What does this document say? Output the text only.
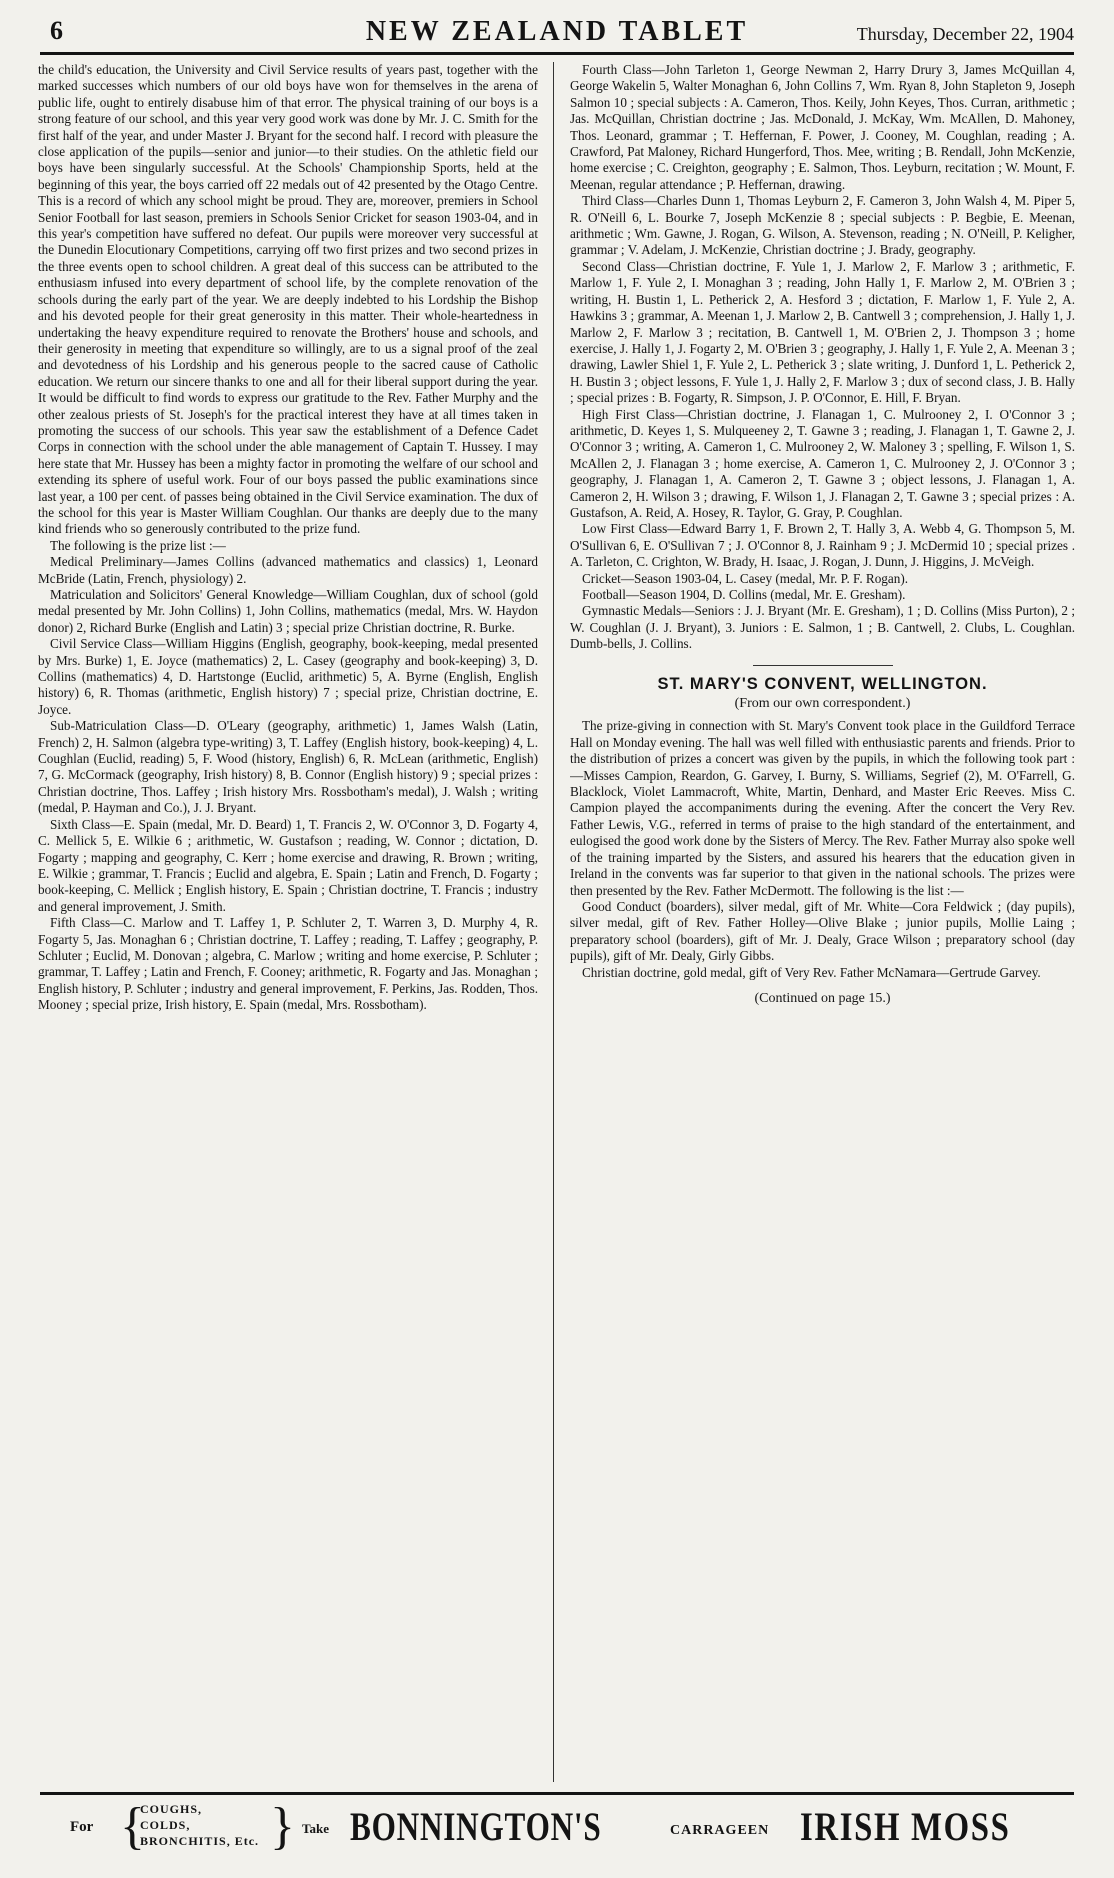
6	NEW ZEALAND TABLET	Thursday, December 22, 1904

the child's education, the University and Civil Service results of years past, together with the marked successes which numbers of our old boys have won for themselves in the arena of public life, ought to entirely disabuse him of that error. The physical training of our boys is a strong feature of our school, and this year very good work was done by Mr. J. C. Smith for the first half of the year, and under Master J. Bryant for the second half. I record with pleasure the close application of the pupils—senior and junior—to their studies. On the athletic field our boys have been singularly successful. At the Schools' Championship Sports, held at the beginning of this year, the boys carried off 22 medals out of 42 presented by the Otago Centre. This is a record of which any school might be proud. They are, moreover, premiers in School Senior Football for last season, premiers in Schools Senior Cricket for season 1903-04, and in this year's competition have suffered no defeat. Our pupils were moreover very successful at the Dunedin Elocutionary Competitions, carrying off two first prizes and two second prizes in the three events open to school children. A great deal of this success can be attributed to the enthusiasm infused into every department of school life, by the complete renovation of the schools during the early part of the year. We are deeply indebted to his Lordship the Bishop and his devoted people for their great generosity in this matter. Their whole-heartedness in undertaking the heavy expenditure required to renovate the Brothers' house and schools, and their generosity in meeting that expenditure so willingly, are to us a signal proof of the zeal and devotedness of his Lordship and his generous people to the sacred cause of Catholic education. We return our sincere thanks to one and all for their liberal support during the year. It would be difficult to find words to express our gratitude to the Rev. Father Murphy and the other zealous priests of St. Joseph's for the practical interest they have at all times taken in promoting the success of our schools. This year saw the establishment of a Defence Cadet Corps in connection with the school under the able management of Captain T. Hussey. I may here state that Mr. Hussey has been a mighty factor in promoting the welfare of our school and extending its sphere of useful work. Four of our boys passed the public examinations since last year, a 100 per cent. of passes being obtained in the Civil Service examination. The dux of the school for this year is Master William Coughlan. Our thanks are deeply due to the many kind friends who so generously contributed to the prize fund.

The following is the prize list :—

Medical Preliminary—James Collins (advanced mathematics and classics) 1, Leonard McBride (Latin, French, physiology) 2.

Matriculation and Solicitors' General Knowledge—William Coughlan, dux of school (gold medal presented by Mr. John Collins) 1, John Collins, mathematics (medal, Mrs. W. Haydon donor) 2, Richard Burke (English and Latin) 3 ; special prize Christian doctrine, R. Burke.

Civil Service Class—William Higgins (English, geography, book-keeping, medal presented by Mrs. Burke) 1, E. Joyce (mathematics) 2, L. Casey (geography and book-keeping) 3, D. Collins (mathematics) 4, D. Hartstonge (Euclid, arithmetic) 5, A. Byrne (English, English history) 6, R. Thomas (arithmetic, English history) 7 ; special prize, Christian doctrine, E. Joyce.

Sub-Matriculation Class—D. O'Leary (geography, arithmetic) 1, James Walsh (Latin, French) 2, H. Salmon (algebra type-writing) 3, T. Laffey (English history, book-keeping) 4, L. Coughlan (Euclid, reading) 5, F. Wood (history, English) 6, R. McLean (arithmetic, English) 7, G. McCormack (geography, Irish history) 8, B. Connor (English history) 9 ; special prizes : Christian doctrine, Thos. Laffey ; Irish history Mrs. Rossbotham's medal), J. Walsh ; writing (medal, P. Hayman and Co.), J. J. Bryant.

Sixth Class—E. Spain (medal, Mr. D. Beard) 1, T. Francis 2, W. O'Connor 3, D. Fogarty 4, C. Mellick 5, E. Wilkie 6 ; arithmetic, W. Gustafson ; reading, W. Connor ; dictation, D. Fogarty ; mapping and geography, C. Kerr ; home exercise and drawing, R. Brown ; writing, E. Wilkie ; grammar, T. Francis ; Euclid and algebra, E. Spain ; Latin and French, D. Fogarty ; book-keeping, C. Mellick ; English history, E. Spain ; Christian doctrine, T. Francis ; industry and general improvement, J. Smith.

Fifth Class—C. Marlow and T. Laffey 1, P. Schluter 2, T. Warren 3, D. Murphy 4, R. Fogarty 5, Jas. Monaghan 6 ; Christian doctrine, T. Laffey ; reading, T. Laffey ; geography, P. Schluter ; Euclid, M. Donovan ; algebra, C. Marlow ; writing and home exercise, P. Schluter ; grammar, T. Laffey ; Latin and French, F. Cooney; arithmetic, R. Fogarty and Jas. Monaghan ; English history, P. Schluter ; industry and general improvement, F. Perkins, Jas. Rodden, Thos. Mooney ; special prize, Irish history, E. Spain (medal, Mrs. Rossbotham).

Fourth Class—John Tarleton 1, George Newman 2, Harry Drury 3, James McQuillan 4, George Wakelin 5, Walter Monaghan 6, John Collins 7, Wm. Ryan 8, John Stapleton 9, Joseph Salmon 10 ; special subjects : A. Cameron, Thos. Keily, John Keyes, Thos. Curran, arithmetic ; Jas. McQuillan, Christian doctrine ; Jas. McDonald, J. McKay, Wm. McAllen, D. Mahoney, Thos. Leonard, grammar ; T. Heffernan, F. Power, J. Cooney, M. Coughlan, reading ; A. Crawford, Pat Maloney, Richard Hungerford, Thos. Mee, writing ; B. Rendall, John McKenzie, home exercise ; C. Creighton, geography ; E. Salmon, Thos. Leyburn, recitation ; W. Mount, F. Meenan, regular attendance ; P. Heffernan, drawing.

Third Class—Charles Dunn 1, Thomas Leyburn 2, F. Cameron 3, John Walsh 4, M. Piper 5, R. O'Neill 6, L. Bourke 7, Joseph McKenzie 8 ; special subjects : P. Begbie, E. Meenan, arithmetic ; Wm. Gawne, J. Rogan, G. Wilson, A. Stevenson, reading ; N. O'Neill, P. Keligher, grammar ; V. Adelam, J. McKenzie, Christian doctrine ; J. Brady, geography.

Second Class—Christian doctrine, F. Yule 1, J. Marlow 2, F. Marlow 3 ; arithmetic, F. Marlow 1, F. Yule 2, I. Monaghan 3 ; reading, John Hally 1, F. Marlow 2, M. O'Brien 3 ; writing, H. Bustin 1, L. Petherick 2, A. Hesford 3 ; dictation, F. Marlow 1, F. Yule 2, A. Hawkins 3 ; grammar, A. Meenan 1, J. Marlow 2, B. Cantwell 3 ; comprehension, J. Hally 1, J. Marlow 2, F. Marlow 3 ; recitation, B. Cantwell 1, M. O'Brien 2, J. Thompson 3 ; home exercise, J. Hally 1, J. Fogarty 2, M. O'Brien 3 ; geography, J. Hally 1, F. Yule 2, A. Meenan 3 ; drawing, Lawler Shiel 1, F. Yule 2, L. Petherick 3 ; slate writing, J. Dunford 1, L. Petherick 2, H. Bustin 3 ; object lessons, F. Yule 1, J. Hally 2, F. Marlow 3 ; dux of second class, J. B. Hally ; special prizes : B. Fogarty, R. Simpson, J. P. O'Connor, E. Hill, F. Bryan.

High First Class—Christian doctrine, J. Flanagan 1, C. Mulrooney 2, I. O'Connor 3 ; arithmetic, D. Keyes 1, S. Mulqueeney 2, T. Gawne 3 ; reading, J. Flanagan 1, T. Gawne 2, J. O'Connor 3 ; writing, A. Cameron 1, C. Mulrooney 2, W. Maloney 3 ; spelling, F. Wilson 1, S. McAllen 2, J. Flanagan 3 ; home exercise, A. Cameron 1, C. Mulrooney 2, J. O'Connor 3 ; geography, J. Flanagan 1, A. Cameron 2, T. Gawne 3 ; object lessons, J. Flanagan 1, A. Cameron 2, H. Wilson 3 ; drawing, F. Wilson 1, J. Flanagan 2, T. Gawne 3 ; special prizes : A. Gustafson, A. Reid, A. Hosey, R. Taylor, G. Gray, P. Coughlan.

Low First Class—Edward Barry 1, F. Brown 2, T. Hally 3, A. Webb 4, G. Thompson 5, M. O'Sullivan 6, E. O'Sullivan 7 ; J. O'Connor 8, J. Rainham 9 ; J. McDermid 10 ; special prizes . A. Tarleton, C. Crighton, W. Brady, H. Isaac, J. Rogan, J. Dunn, J. Higgins, J. McVeigh.

Cricket—Season 1903-04, L. Casey (medal, Mr. P. F. Rogan).

Football—Season 1904, D. Collins (medal, Mr. E. Gresham).

Gymnastic Medals—Seniors : J. J. Bryant (Mr. E. Gresham), 1 ; D. Collins (Miss Purton), 2 ; W. Coughlan (J. J. Bryant), 3. Juniors : E. Salmon, 1 ; B. Cantwell, 2. Clubs, L. Coughlan. Dumb-bells, J. Collins.

ST. MARY'S CONVENT, WELLINGTON.
(From our own correspondent.)

The prize-giving in connection with St. Mary's Convent took place in the Guildford Terrace Hall on Monday evening. The hall was well filled with enthusiastic parents and friends. Prior to the distribution of prizes a concert was given by the pupils, in which the following took part :—Misses Campion, Reardon, G. Garvey, I. Burny, S. Williams, Segrief (2), M. O'Farrell, G. Blacklock, Violet Lammacroft, White, Martin, Denhard, and Master Eric Reeves. Miss C. Campion played the accompaniments during the evening. After the concert the Very Rev. Father Lewis, V.G., referred in terms of praise to the high standard of the entertainment, and eulogised the good work done by the Sisters of Mercy. The Rev. Father Murray also spoke well of the training imparted by the Sisters, and assured his hearers that the education given in Ireland in the convents was far superior to that given in the national schools. The prizes were then presented by the Rev. Father McDermott. The following is the list :—

Good Conduct (boarders), silver medal, gift of Mr. White—Cora Feldwick ; (day pupils), silver medal, gift of Rev. Father Holley—Olive Blake ; junior pupils, Mollie Laing ; preparatory school (boarders), gift of Mr. J. Dealy, Grace Wilson ; preparatory school (day pupils), gift of Mr. Dealy, Girly Gibbs.

Christian doctrine, gold medal, gift of Very Rev. Father McNamara—Gertrude Garvey.

(Continued on page 15.)
For {
COUGHS,
COLDS,
BRONCHITIS, Etc. } Take BONNINGTON'S	CARRAGEEN IRISH MOSS
